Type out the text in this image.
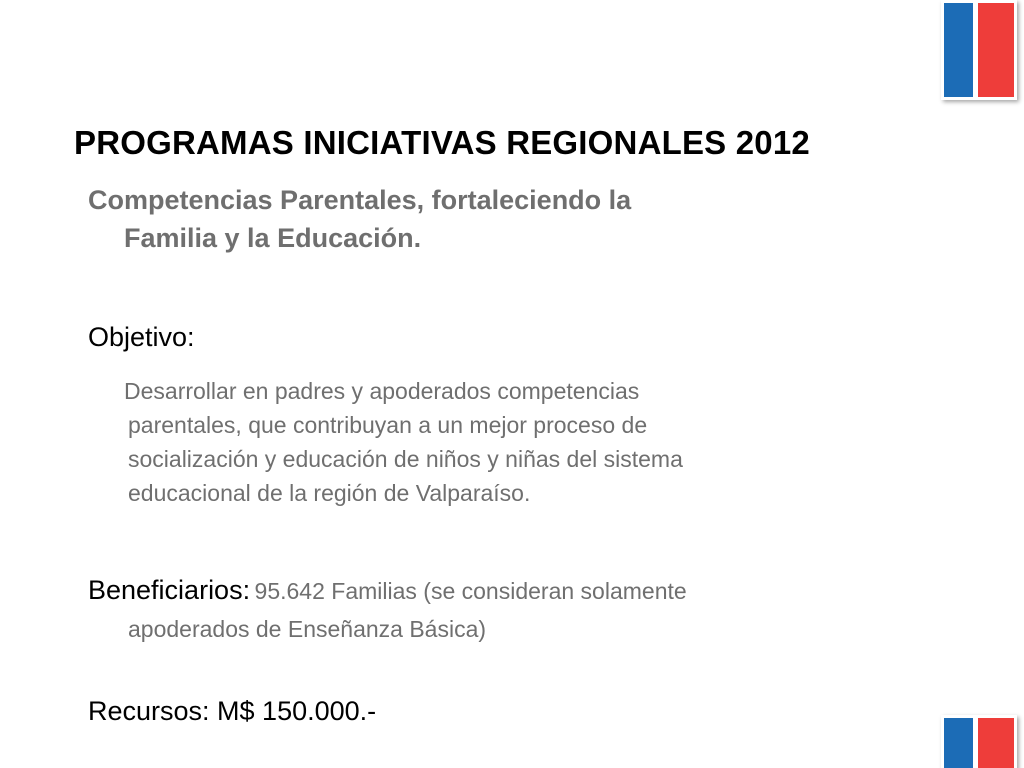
PROGRAMAS INICIATIVAS REGIONALES 2012

Competencias Parentales, fortaleciendo la
Familia y la Educación.

Objetivo:
Desarrollar en padres y apoderados competencias
parentales, que contribuyan a un mejor proceso de
socialización y educación de niños y niñas del sistema
educacional de la región de Valparaíso.
Beneficiarios: 95.642 Familias (se consideran solamente
apoderados de Enseñanza Básica)
Recursos: M$ 150.000.-
